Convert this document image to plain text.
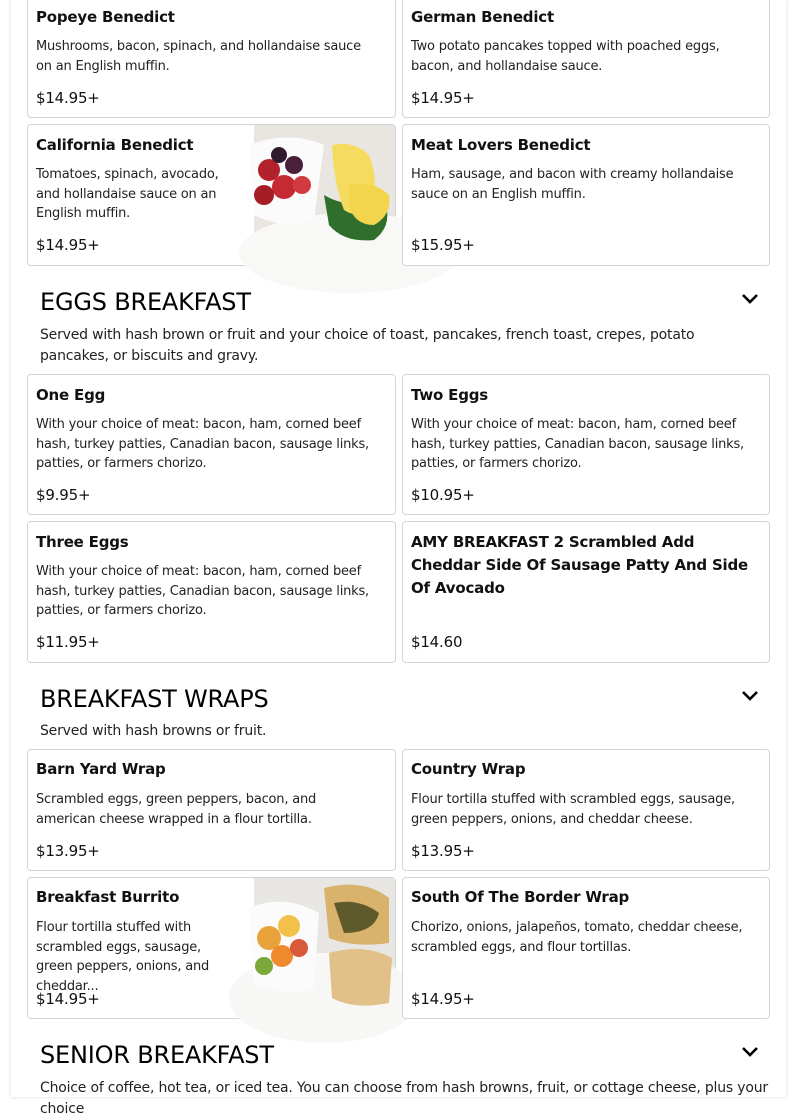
Popeye Benedict
Mushrooms, bacon, spinach, and hollandaise sauce on an English muffin.
$14.95+
German Benedict
Two potato pancakes topped with poached eggs, bacon, and hollandaise sauce.
$14.95+
California Benedict
Tomatoes, spinach, avocado, and hollandaise sauce on an English muffin.
$14.95+
Meat Lovers Benedict
Ham, sausage, and bacon with creamy hollandaise sauce on an English muffin.
$15.95+
EGGS BREAKFAST
Served with hash brown or fruit and your choice of toast, pancakes, french toast, crepes, potato pancakes, or biscuits and gravy.
One Egg
With your choice of meat: bacon, ham, corned beef hash, turkey patties, Canadian bacon, sausage links, patties, or farmers chorizo.
$9.95+
Two Eggs
With your choice of meat: bacon, ham, corned beef hash, turkey patties, Canadian bacon, sausage links, patties, or farmers chorizo.
$10.95+
Three Eggs
With your choice of meat: bacon, ham, corned beef hash, turkey patties, Canadian bacon, sausage links, patties, or farmers chorizo.
$11.95+
AMY BREAKFAST 2 Scrambled Add Cheddar Side Of Sausage Patty And Side Of Avocado
$14.60
BREAKFAST WRAPS
Served with hash browns or fruit.
Barn Yard Wrap
Scrambled eggs, green peppers, bacon, and american cheese wrapped in a flour tortilla.
$13.95+
Country Wrap
Flour tortilla stuffed with scrambled eggs, sausage, green peppers, onions, and cheddar cheese.
$13.95+
Breakfast Burrito
Flour tortilla stuffed with scrambled eggs, sausage, green peppers, onions, and cheddar...
$14.95+
South Of The Border Wrap
Chorizo, onions, jalapeños, tomato, cheddar cheese, scrambled eggs, and flour tortillas.
$14.95+
SENIOR BREAKFAST
Choice of coffee, hot tea, or iced tea. You can choose from hash browns, fruit, or cottage cheese, plus your choice
